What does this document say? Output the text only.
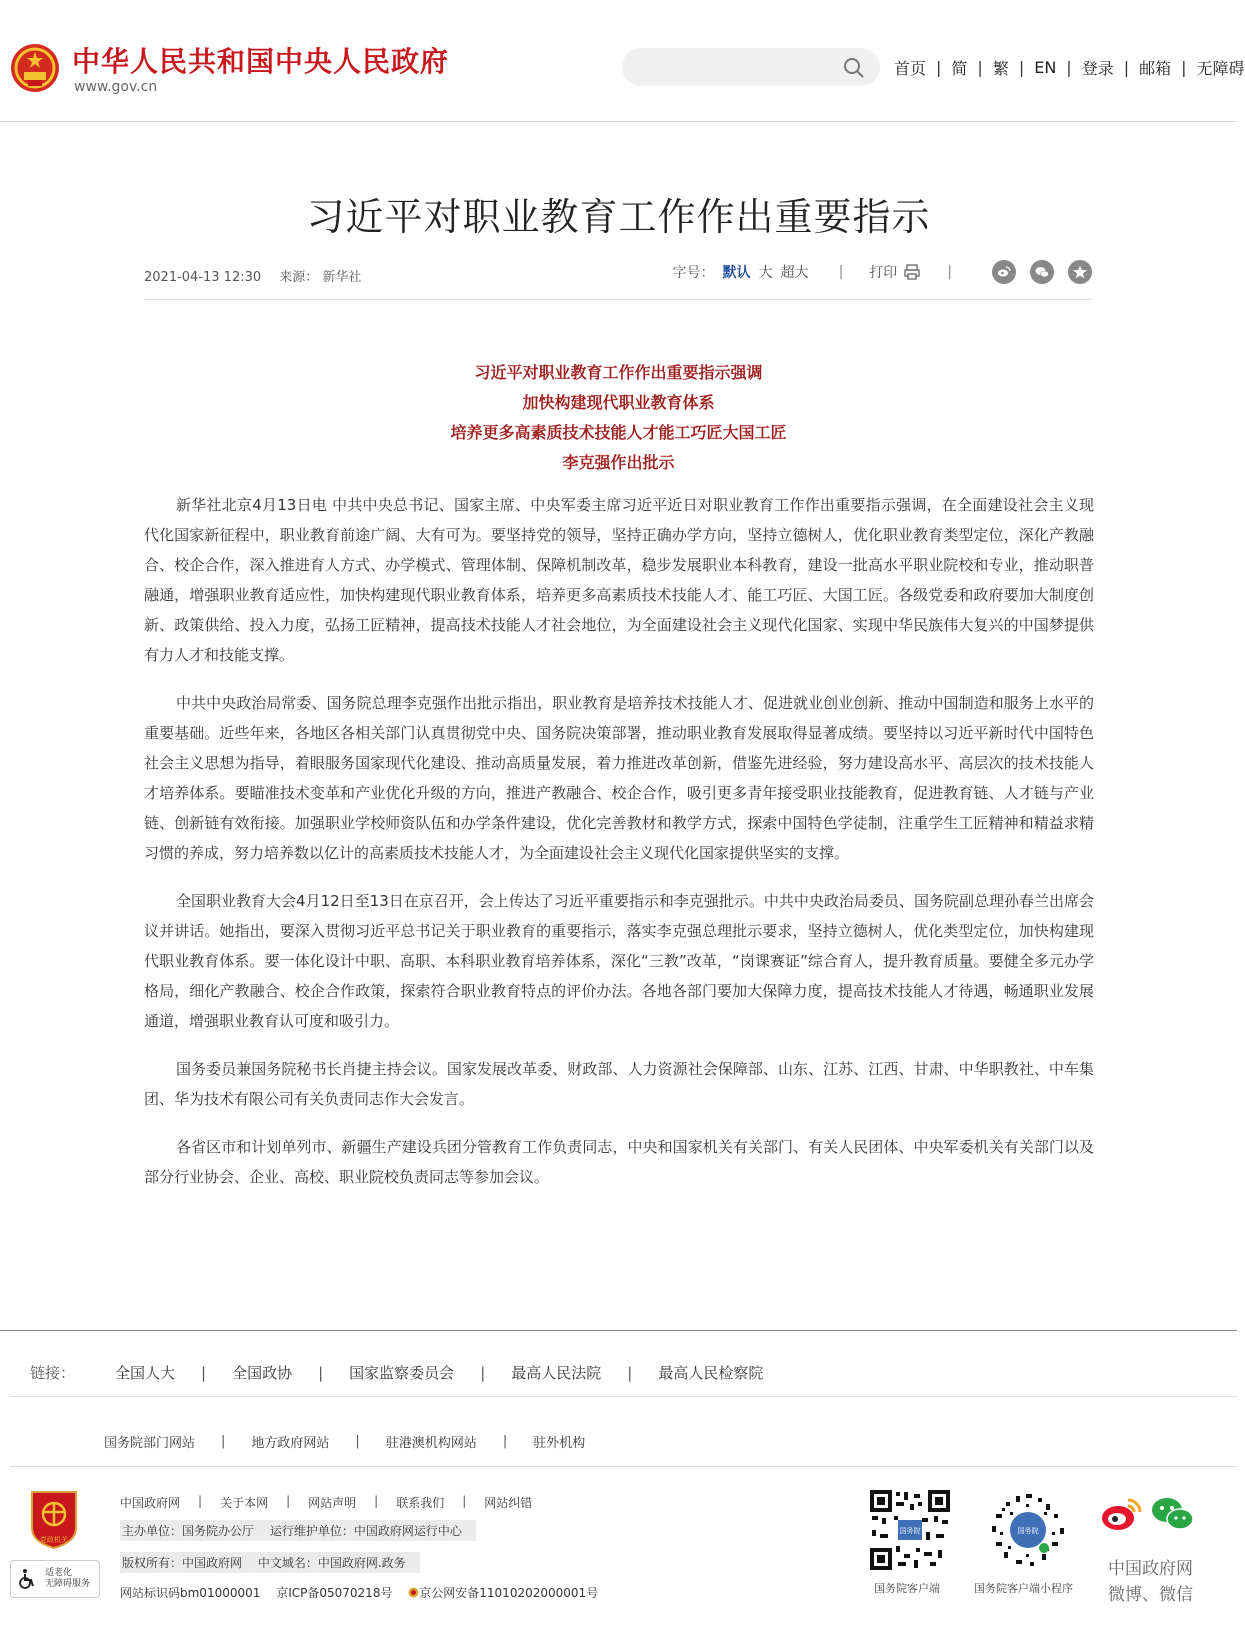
中华人民共和国中央人民政府
www.gov.cn
首页 | 简 | 繁 | EN | 登录 | 邮箱 | 无障碍
习近平对职业教育工作作出重要指示
2021-04-13 12:30 来源： 新华社	字号： 默认 大 超大 | 打印	|
习近平对职业教育工作作出重要指示强调
加快构建现代职业教育体系
培养更多高素质技术技能人才能工巧匠大国工匠
李克强作出批示

新华社北京4月13日电 中共中央总书记、国家主席、中央军委主席习近平近日对职业教育工作作出重要指示强调，在全面建设社会主义现代化国家新征程中，职业教育前途广阔、大有可为。要坚持党的领导，坚持正确办学方向，坚持立德树人，优化职业教育类型定位，深化产教融合、校企合作，深入推进育人方式、办学模式、管理体制、保障机制改革，稳步发展职业本科教育，建设一批高水平职业院校和专业，推动职普融通，增强职业教育适应性，加快构建现代职业教育体系，培养更多高素质技术技能人才、能工巧匠、大国工匠。各级党委和政府要加大制度创新、政策供给、投入力度，弘扬工匠精神，提高技术技能人才社会地位，为全面建设社会主义现代化国家、实现中华民族伟大复兴的中国梦提供有力人才和技能支撑。

中共中央政治局常委、国务院总理李克强作出批示指出，职业教育是培养技术技能人才、促进就业创业创新、推动中国制造和服务上水平的重要基础。近些年来，各地区各相关部门认真贯彻党中央、国务院决策部署，推动职业教育发展取得显著成绩。要坚持以习近平新时代中国特色社会主义思想为指导，着眼服务国家现代化建设、推动高质量发展，着力推进改革创新，借鉴先进经验，努力建设高水平、高层次的技术技能人才培养体系。要瞄准技术变革和产业优化升级的方向，推进产教融合、校企合作，吸引更多青年接受职业技能教育，促进教育链、人才链与产业链、创新链有效衔接。加强职业学校师资队伍和办学条件建设，优化完善教材和教学方式，探索中国特色学徒制，注重学生工匠精神和精益求精习惯的养成，努力培养数以亿计的高素质技术技能人才，为全面建设社会主义现代化国家提供坚实的支撑。

全国职业教育大会4月12日至13日在京召开，会上传达了习近平重要指示和李克强批示。中共中央政治局委员、国务院副总理孙春兰出席会议并讲话。她指出，要深入贯彻习近平总书记关于职业教育的重要指示，落实李克强总理批示要求，坚持立德树人，优化类型定位，加快构建现代职业教育体系。要一体化设计中职、高职、本科职业教育培养体系，深化“三教”改革，“岗课赛证”综合育人，提升教育质量。要健全多元办学格局，细化产教融合、校企合作政策，探索符合职业教育特点的评价办法。各地各部门要加大保障力度，提高技术技能人才待遇，畅通职业发展通道，增强职业教育认可度和吸引力。

国务委员兼国务院秘书长肖捷主持会议。国家发展改革委、财政部、人力资源社会保障部、山东、江苏、江西、甘肃、中华职教社、中车集团、华为技术有限公司有关负责同志作大会发言。

各省区市和计划单列市、新疆生产建设兵团分管教育工作负责同志，中央和国家机关有关部门、有关人民团体、中央军委机关有关部门以及部分行业协会、企业、高校、职业院校负责同志等参加会议。

链接：	全国人大 | 全国政协 | 国家监察委员会 | 最高人民法院 | 最高人民检察院
国务院部门网站 | 地方政府网站 | 驻港澳机构网站 | 驻外机构
党政机关
适老化
无障碍服务
中国政府网 | 关于本网 | 网站声明 | 联系我们 | 网站纠错
主办单位：国务院办公厅 运行维护单位：中国政府网运行中心
版权所有：中国政府网 中文域名：中国政府网.政务
网站标识码bm01000001 京ICP备05070218号 京公网安备11010202000001号
国务院
国务院客户端
国务院
国务院客户端小程序
中国政府网
微博、微信
